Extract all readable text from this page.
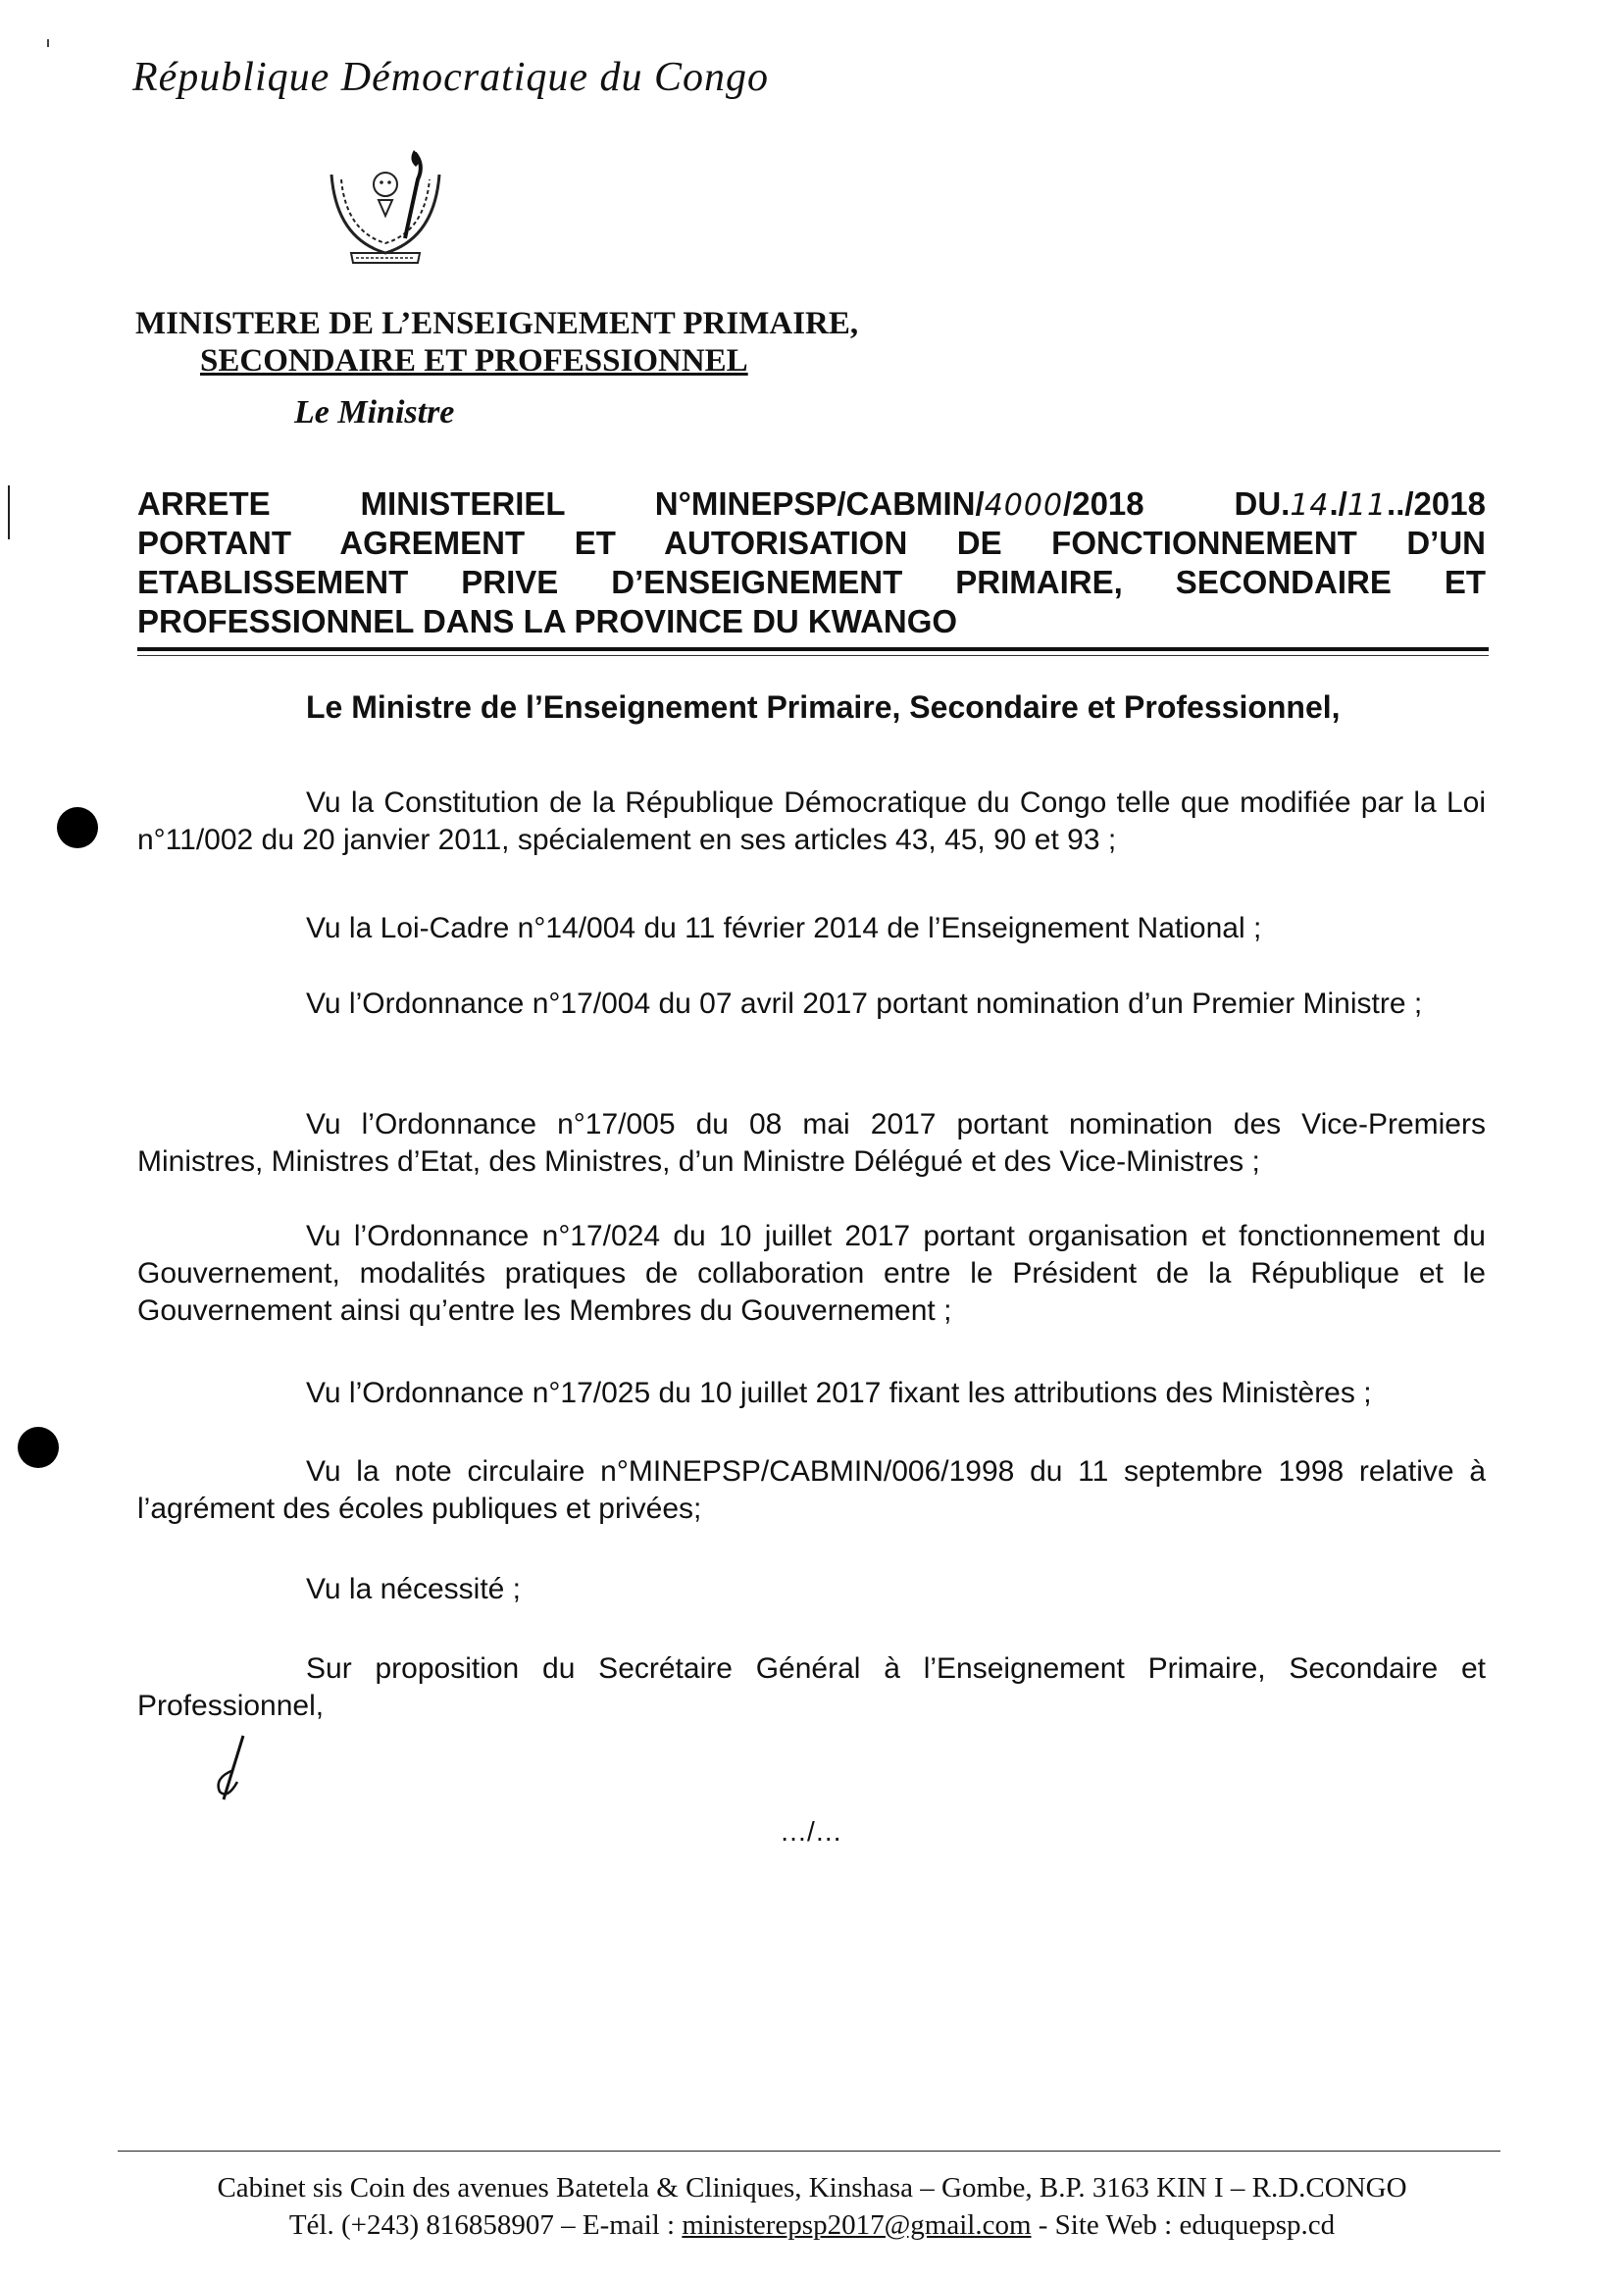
République Démocratique du Congo
MINISTERE DE L’ENSEIGNEMENT PRIMAIRE,
SECONDAIRE ET PROFESSIONNEL
Le Ministre
ARRETE MINISTERIEL N°MINEPSP/CABMIN/4000/2018 DU.14./11../2018
PORTANT AGREMENT ET AUTORISATION DE FONCTIONNEMENT D’UN
ETABLISSEMENT PRIVE D’ENSEIGNEMENT PRIMAIRE, SECONDAIRE ET
PROFESSIONNEL DANS LA PROVINCE DU KWANGO
Le Ministre de l’Enseignement Primaire, Secondaire et Professionnel,
Vu la Constitution de la République Démocratique du Congo telle que modifiée par la Loi n°11/002 du 20 janvier 2011, spécialement en ses articles 43, 45, 90 et 93 ;
Vu la Loi-Cadre n°14/004 du 11 février 2014 de l’Enseignement National ;
Vu l’Ordonnance n°17/004 du 07 avril 2017 portant nomination d’un Premier Ministre ;
Vu l’Ordonnance n°17/005 du 08 mai 2017 portant nomination des Vice-Premiers Ministres, Ministres d’Etat, des Ministres, d’un Ministre Délégué et des Vice-Ministres ;
Vu l’Ordonnance n°17/024 du 10 juillet 2017 portant organisation et fonctionnement du Gouvernement, modalités pratiques de collaboration entre le Président de la République et le Gouvernement ainsi qu’entre les Membres du Gouvernement ;
Vu l’Ordonnance n°17/025 du 10 juillet 2017 fixant les attributions des Ministères ;
Vu la note circulaire n°MINEPSP/CABMIN/006/1998 du 11 septembre 1998 relative à l’agrément des écoles publiques et privées;
Vu la nécessité ;
Sur proposition du Secrétaire Général à l’Enseignement Primaire, Secondaire et Professionnel,
…/…
Cabinet sis Coin des avenues Batetela & Cliniques, Kinshasa – Gombe, B.P. 3163 KIN I – R.D.CONGO
Tél. (+243) 816858907 – E-mail : ministerepsp2017@gmail.com - Site Web : eduquepsp.cd
